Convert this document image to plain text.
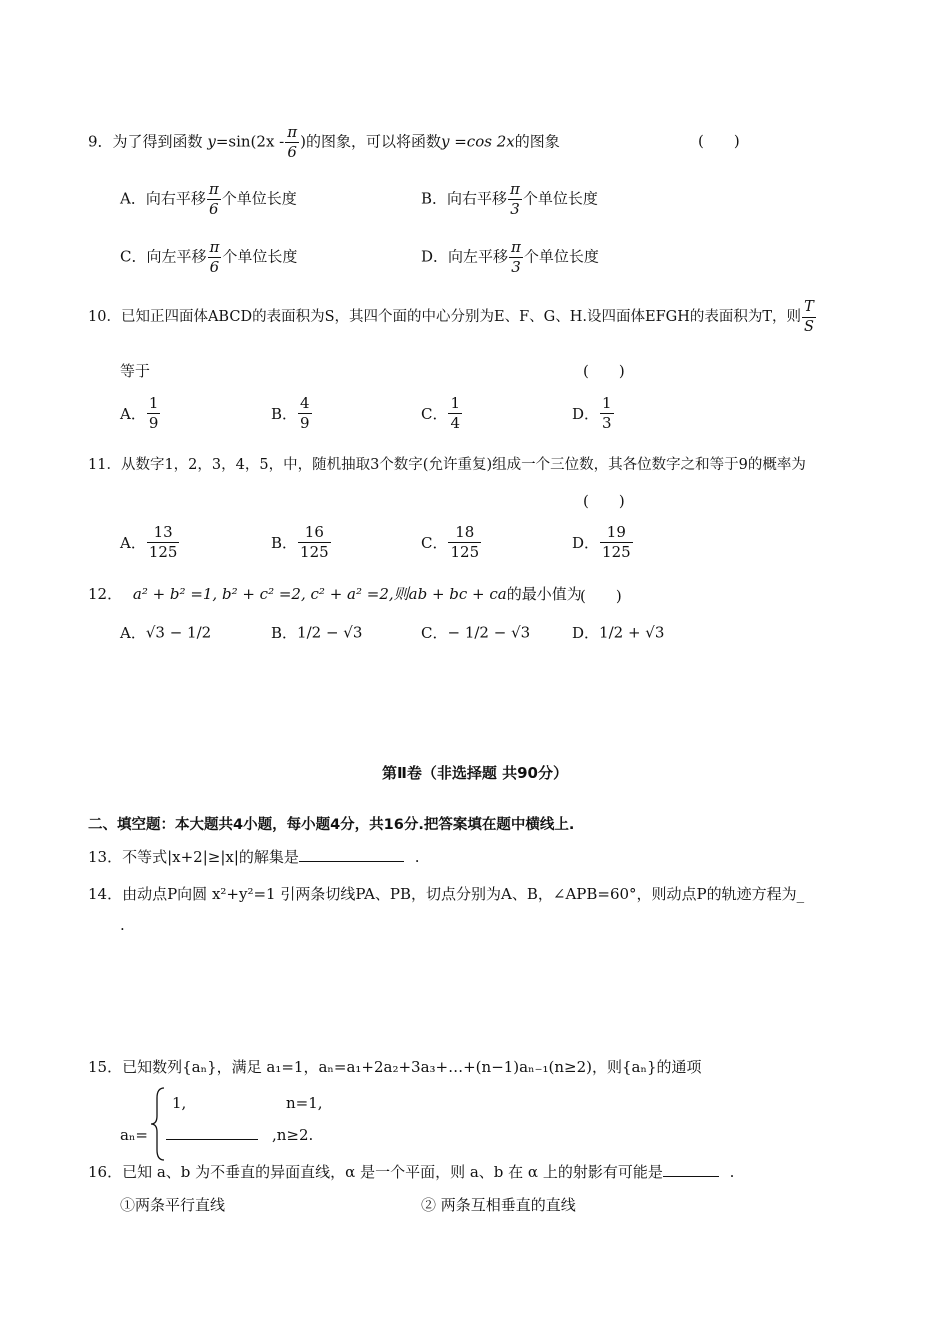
9．为了得到函数 $y=\sin(2x - \frac{\pi}{6}$ )的图象，可以将函数y =cos 2x的图象	(　　)
A．向右平移 $\frac{\pi}{6}$ 个单位长度	B．向右平移 $\frac{\pi}{3}$ 个单位长度
C．向左平移 $\frac{\pi}{6}$ 个单位长度	D．向左平移 $\frac{\pi}{3}$ 个单位长度
10．已知正四面体ABCD的表面积为S，其四个面的中心分别为E、F、G、H.设四面体EFGH的表面积为T，则 $\frac{T}{S}$
等于	(　　)
A． $\frac{1}{9}$	B． $\frac{4}{9}$	C． $\frac{1}{4}$	D． $\frac{1}{3}$
11．从数字1，2，3，4，5，中，随机抽取3个数字(允许重复)组成一个三位数，其各位数字之和等于9的概率为
(　　)
A． $\frac{13}{125}$	B． $\frac{16}{125}$	C． $\frac{18}{125}$	D． $\frac{19}{125}$
12． a² + b² =1, b² + c² =2, c² + a² =2,则ab + bc + ca的最小值为
(　　)
A．√3 − 1/2	B．1/2 − √3	C．− 1/2 − √3	D．1/2 + √3
第Ⅱ卷（非选择题 共90分）
二、填空题：本大题共4小题，每小题4分，共16分.把答案填在题中横线上.
13．不等式|x+2|≥|x|的解集是	.
14．由动点P向圆 x²+y²=1 引两条切线PA、PB，切点分别为A、B，∠APB=60°，则动点P的轨迹方程为_
.
15．已知数列{aₙ}，满足 a₁=1，aₙ=a₁+2a₂+3a₃+…+(n−1)aₙ₋₁(n≥2)，则{aₙ}的通项
aₙ=
1,	n=1,
,n≥2.
16．已知 a、b 为不垂直的异面直线，α 是一个平面，则 a、b 在 α 上的射影有可能是	.
①两条平行直线	② 两条互相垂直的直线
